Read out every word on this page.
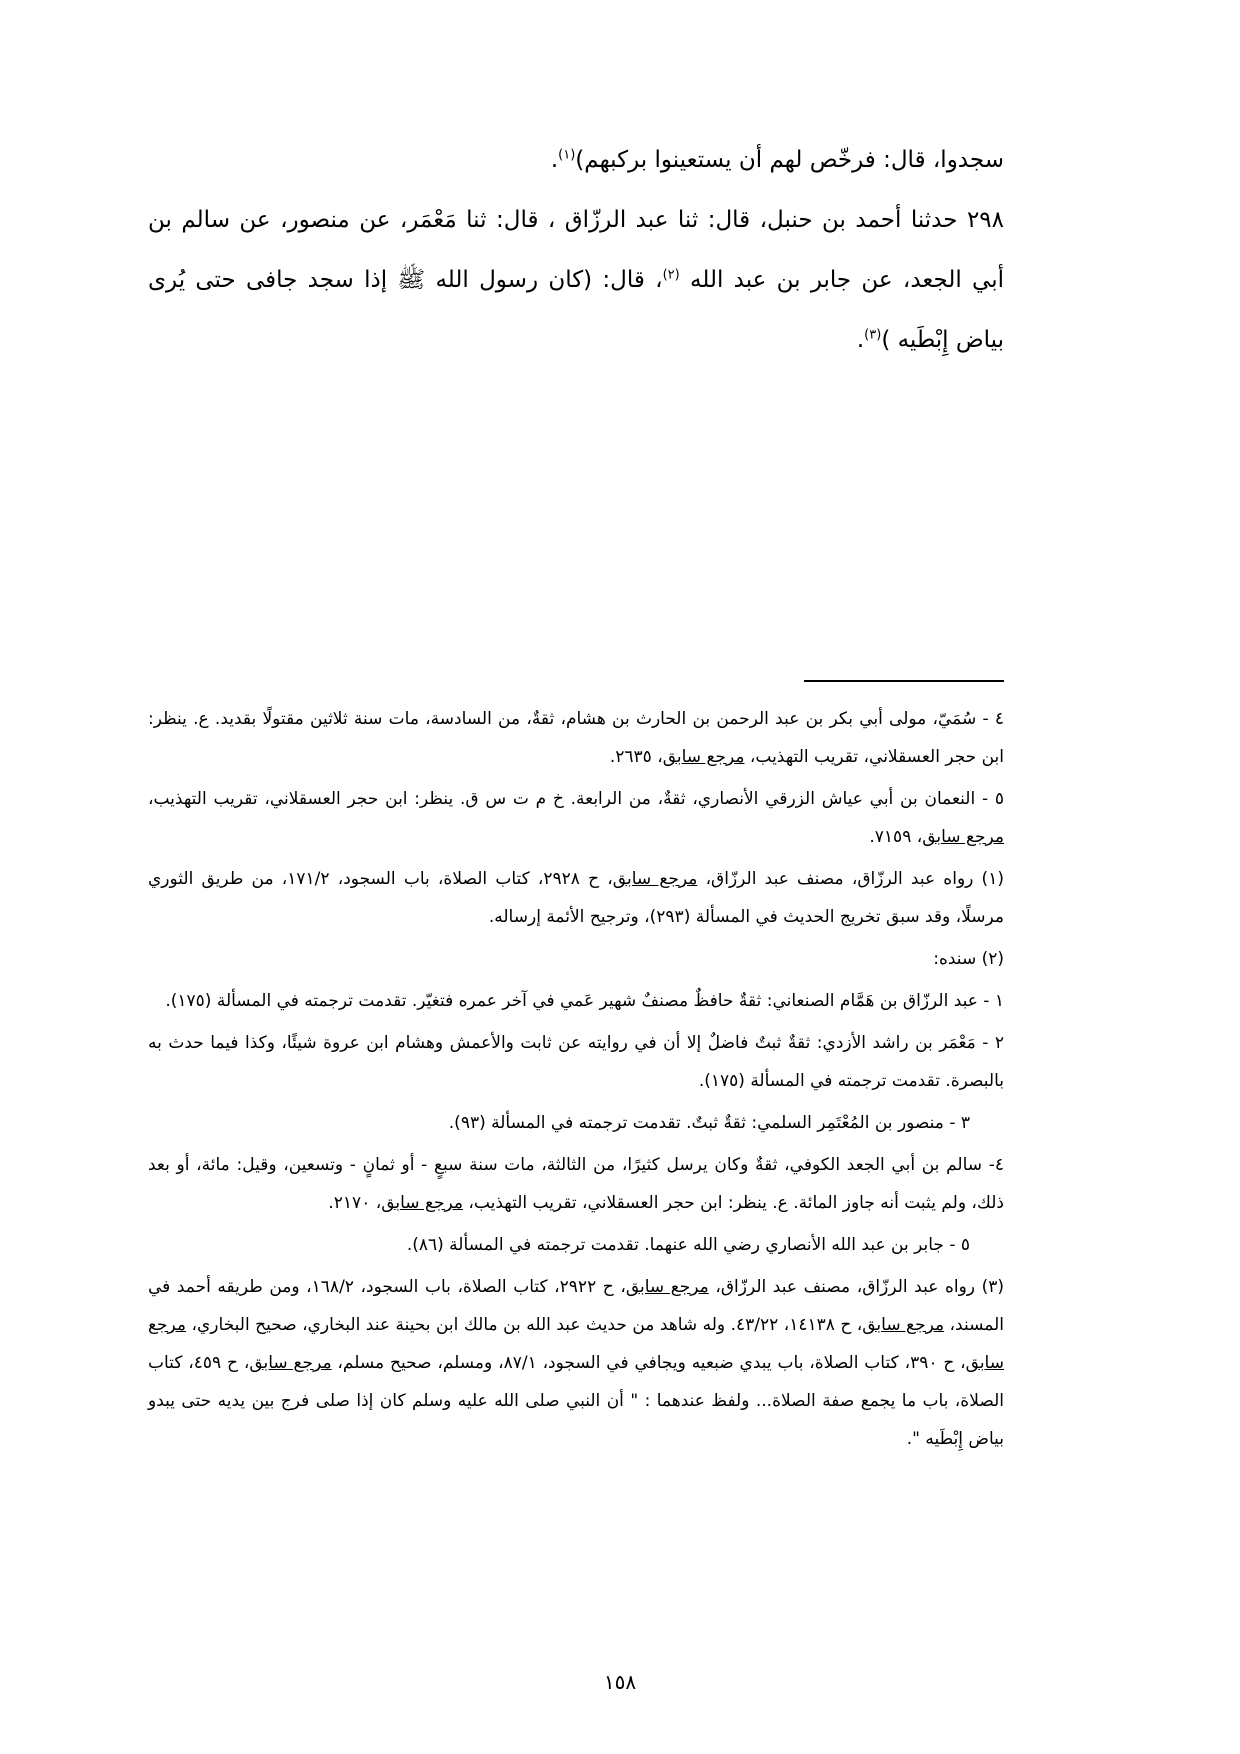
سجدوا، قال: فرخّص لهم أن يستعينوا بركبهم)$^{(١)}$.

٢٩٨ حدثنا أحمد بن حنبل، قال: ثنا عبد الرزّاق ، قال: ثنا مَعْمَر، عن منصور، عن سالم بن أبي الجعد، عن جابر بن عبد الله $^{(٢)}$، قال: (كان رسول الله ﷺ إذا سجد جافى حتى يُرى بياض إِبْطَيه )$^{(٣)}$.

٤ - سُمَيّ، مولى أبي بكر بن عبد الرحمن بن الحارث بن هشام، ثقةٌ، من السادسة، مات سنة ثلاثين مقتولًا بقديد. ع. ينظر: ابن حجر العسقلاني، تقريب التهذيب، مرجع سابق، ٢٦٣٥.

٥ - النعمان بن أبي عياش الزرقي الأنصاري، ثقةٌ، من الرابعة. خ م ت س ق. ينظر: ابن حجر العسقلاني، تقريب التهذيب، مرجع سابق، ٧١٥٩.

(١) رواه عبد الرزّاق، مصنف عبد الرزّاق، مرجع سابق، ح ٢٩٢٨، كتاب الصلاة، باب السجود، ١٧١/٢، من طريق الثوري مرسلًا، وقد سبق تخريج الحديث في المسألة (٢٩٣)، وترجيح الأئمة إرساله.

(٢) سنده:

١ - عبد الرزّاق بن هَمَّام الصنعاني: ثقةٌ حافظٌ مصنفٌ شهير عَمي في آخر عمره فتغيّر. تقدمت ترجمته في المسألة (١٧٥).

٢ - مَعْمَر بن راشد الأزدي: ثقةٌ ثبتٌ فاضلٌ إلا أن في روايته عن ثابت والأعمش وهشام ابن عروة شيئًا، وكذا فيما حدث به بالبصرة. تقدمت ترجمته في المسألة (١٧٥).

٣ - منصور بن المُعْتَمِر السلمي: ثقةٌ ثبتٌ. تقدمت ترجمته في المسألة (٩٣).

٤- سالم بن أبي الجعد الكوفي، ثقةٌ وكان يرسل كثيرًا، من الثالثة، مات سنة سبعٍ - أو ثمانٍ - وتسعين، وقيل: مائة، أو بعد ذلك، ولم يثبت أنه جاوز المائة. ع. ينظر: ابن حجر العسقلاني، تقريب التهذيب، مرجع سابق، ٢١٧٠.

٥ - جابر بن عبد الله الأنصاري رضي الله عنهما. تقدمت ترجمته في المسألة (٨٦).

(٣) رواه عبد الرزّاق، مصنف عبد الرزّاق، مرجع سابق، ح ٢٩٢٢، كتاب الصلاة، باب السجود، ١٦٨/٢، ومن طريقه أحمد في المسند، مرجع سابق، ح ١٤١٣٨، ٤٣/٢٢. وله شاهد من حديث عبد الله بن مالك ابن بحينة عند البخاري، صحيح البخاري، مرجع سابق، ح ٣٩٠، كتاب الصلاة، باب يبدي ضبعيه ويجافي في السجود، ٨٧/١، ومسلم، صحيح مسلم، مرجع سابق، ح ٤٥٩، كتاب الصلاة، باب ما يجمع صفة الصلاة... ولفظ عندهما : " أن النبي صلى الله عليه وسلم كان إذا صلى فرج بين يديه حتى يبدو بياض إِبْطَيه ".

١٥٨
